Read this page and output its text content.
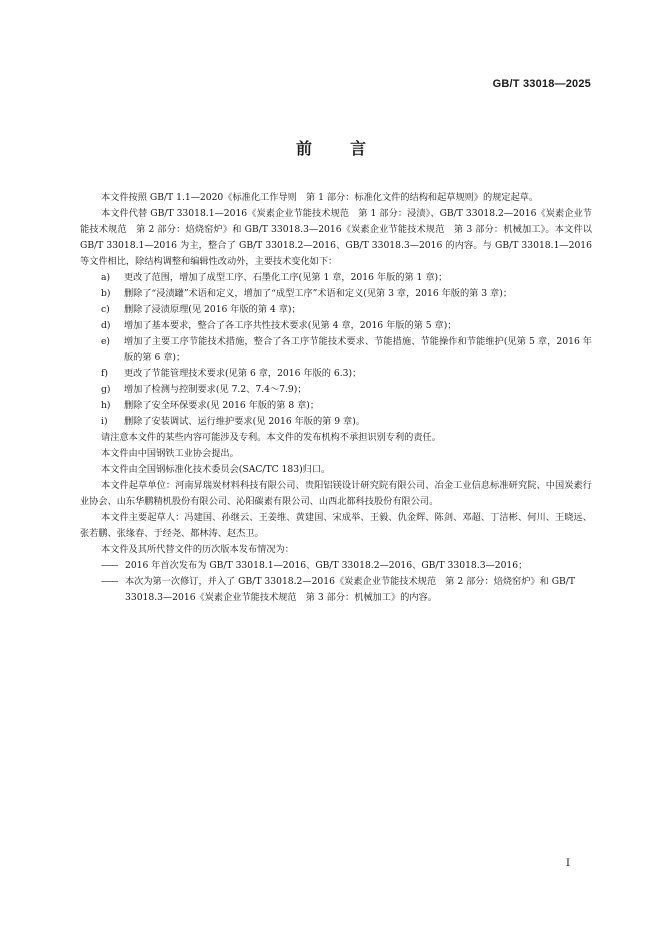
GB/T 33018—2025
前言

本文件按照 GB/T 1.1—2020《标准化工作导则　第 1 部分：标准化文件的结构和起草规则》的规定起草。

本文件代替 GB/T 33018.1—2016《炭素企业节能技术规范　第 1 部分：浸渍》、GB/T 33018.2—2016《炭素企业节能技术规范　第 2 部分：焙烧窑炉》和 GB/T 33018.3—2016《炭素企业节能技术规范　第 3 部分：机械加工》。本文件以 GB/T 33018.1—2016 为主，整合了 GB/T 33018.2—2016、GB/T 33018.3—2016 的内容。与 GB/T 33018.1—2016 等文件相比，除结构调整和编辑性改动外，主要技术变化如下：

a)	更改了范围，增加了成型工序、石墨化工序(见第 1 章，2016 年版的第 1 章)；
b)	删除了“浸渍罐”术语和定义，增加了“成型工序”术语和定义(见第 3 章，2016 年版的第 3 章)；
c)	删除了浸渍原理(见 2016 年版的第 4 章)；
d)	增加了基本要求，整合了各工序共性技术要求(见第 4 章，2016 年版的第 5 章)；
e)	增加了主要工序节能技术措施，整合了各工序节能技术要求、节能措施、节能操作和节能维护(见第 5 章，2016 年版的第 6 章)；
f)	更改了节能管理技术要求(见第 6 章，2016 年版的 6.3)；
g)	增加了检测与控制要求(见 7.2、7.4～7.9)；
h)	删除了安全环保要求(见 2016 年版的第 8 章)；
i)	删除了安装调试、运行维护要求(见 2016 年版的第 9 章)。

请注意本文件的某些内容可能涉及专利。本文件的发布机构不承担识别专利的责任。

本文件由中国钢铁工业协会提出。

本文件由全国钢标准化技术委员会(SAC/TC 183)归口。

本文件起草单位：河南昇瑞炭材料科技有限公司、贵阳铝镁设计研究院有限公司、冶金工业信息标准研究院、中国炭素行业协会、山东华鹏精机股份有限公司、沁阳碳素有限公司、山西北都科技股份有限公司。

本文件主要起草人：冯建国、孙继云、王姜维、黄建国、宋成举、王毅、仇金辉、陈剑、邓超、丁洁彬、何川、王晓远、张若鹏、张缘春、于经尧、都林涛、赵杰卫。

本文件及其所代替文件的历次版本发布情况为：

—— 2016 年首次发布为 GB/T 33018.1—2016、GB/T 33018.2—2016、GB/T 33018.3—2016；
—— 本次为第一次修订，并入了 GB/T 33018.2—2016《炭素企业节能技术规范　第 2 部分：焙烧窑炉》和 GB/T 33018.3—2016《炭素企业节能技术规范　第 3 部分：机械加工》的内容。
I
